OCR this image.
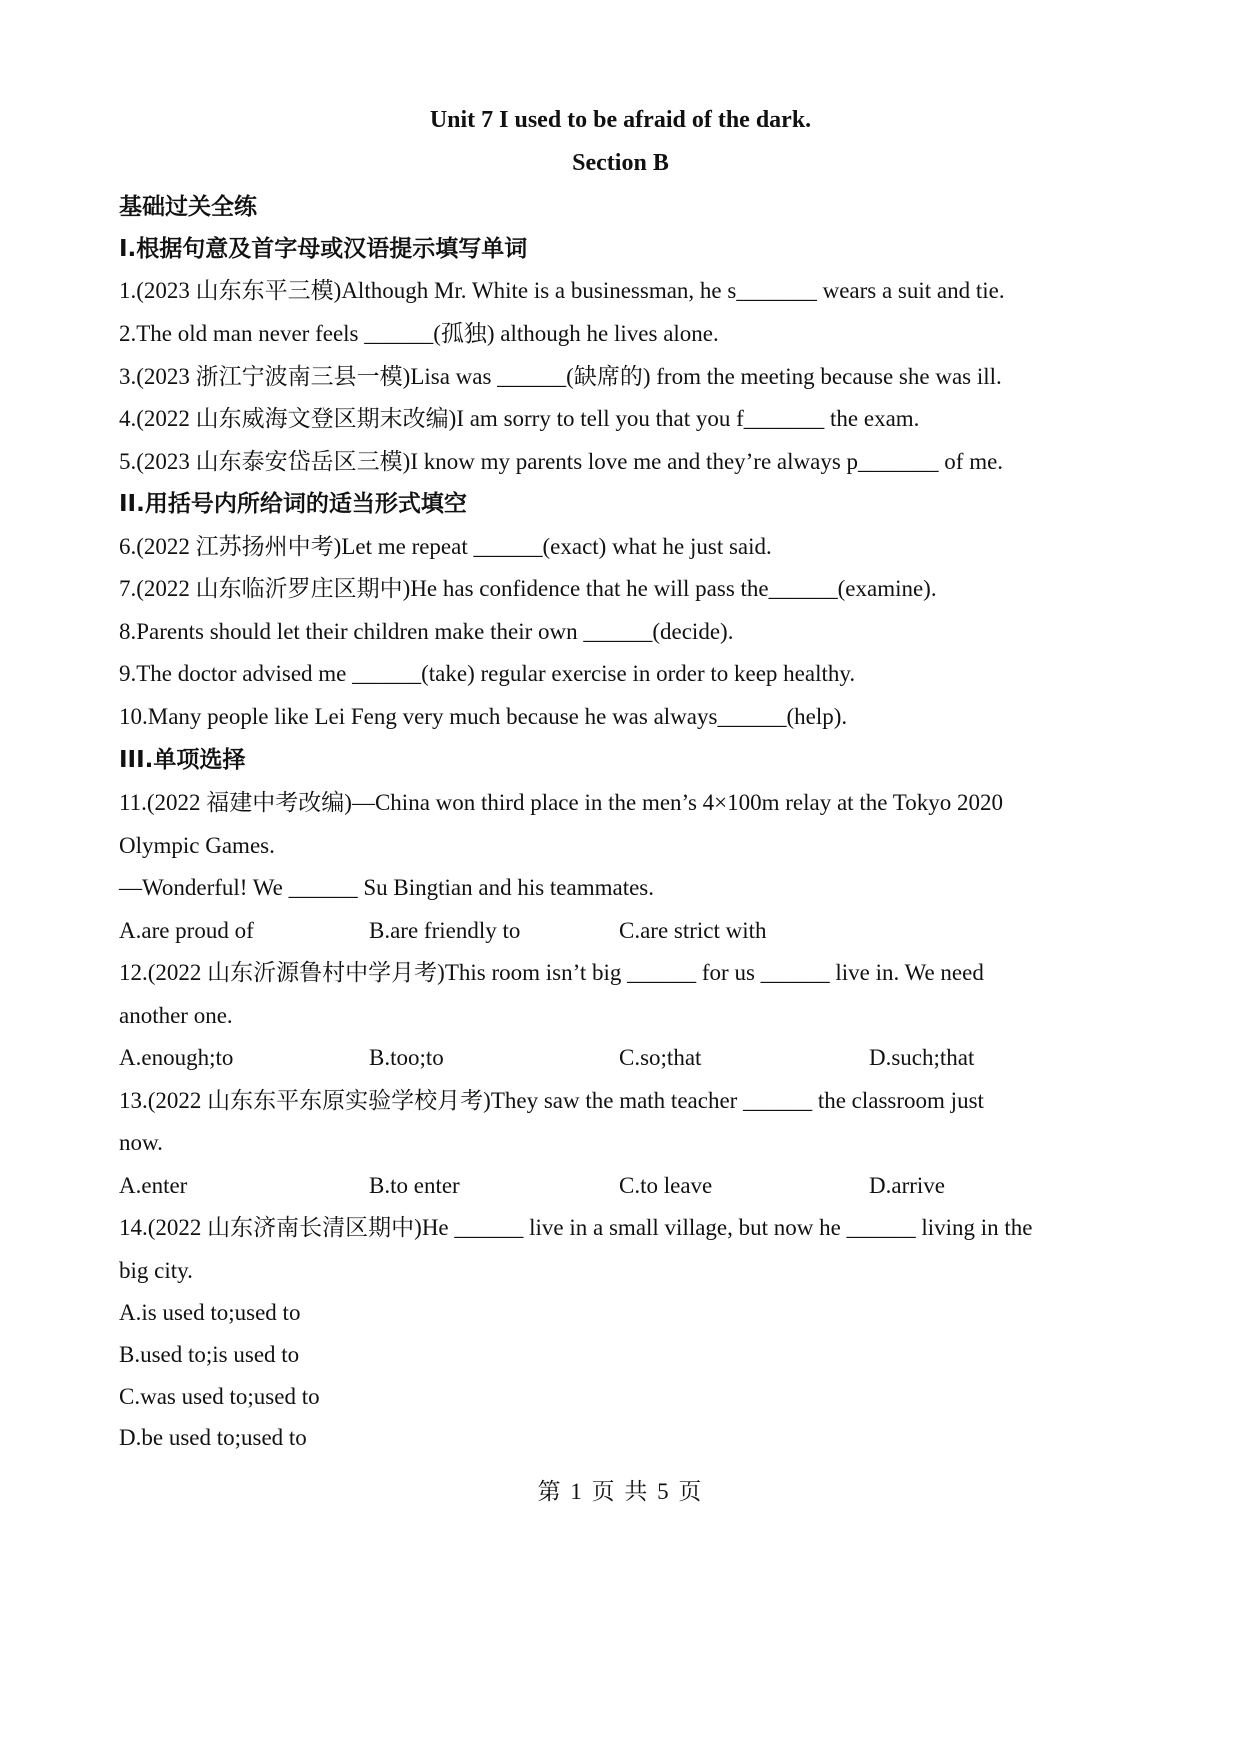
Unit 7 I used to be afraid of the dark.
Section B
基础过关全练
I.根据句意及首字母或汉语提示填写单词
1.(2023 山东东平三模)Although Mr. White is a businessman, he s_______ wears a suit and tie.
2.The old man never feels ______(孤独) although he lives alone.
3.(2023 浙江宁波南三县一模)Lisa was ______(缺席的) from the meeting because she was ill.
4.(2022 山东威海文登区期末改编)I am sorry to tell you that you f_______ the exam.
5.(2023 山东泰安岱岳区三模)I know my parents love me and they’re always p_______ of me.
II.用括号内所给词的适当形式填空
6.(2022 江苏扬州中考)Let me repeat ______(exact) what he just said.
7.(2022 山东临沂罗庄区期中)He has confidence that he will pass the______(examine).
8.Parents should let their children make their own ______(decide).
9.The doctor advised me ______(take) regular exercise in order to keep healthy.
10.Many people like Lei Feng very much because he was always______(help).
III.单项选择
11.(2022 福建中考改编)—China won third place in the men’s 4×100m relay at the Tokyo 2020
Olympic Games.
—Wonderful! We ______ Su Bingtian and his teammates.
A.are proud of	B.are friendly to	C.are strict with
12.(2022 山东沂源鲁村中学月考)This room isn’t big ______ for us ______ live in. We need
another one.
A.enough;to	B.too;to	C.so;that	D.such;that
13.(2022 山东东平东原实验学校月考)They saw the math teacher ______ the classroom just
now.
A.enter	B.to enter	C.to leave	D.arrive
14.(2022 山东济南长清区期中)He ______ live in a small village, but now he ______ living in the
big city.
A.is used to;used to
B.used to;is used to
C.was used to;used to
D.be used to;used to
第 1 页 共 5 页
